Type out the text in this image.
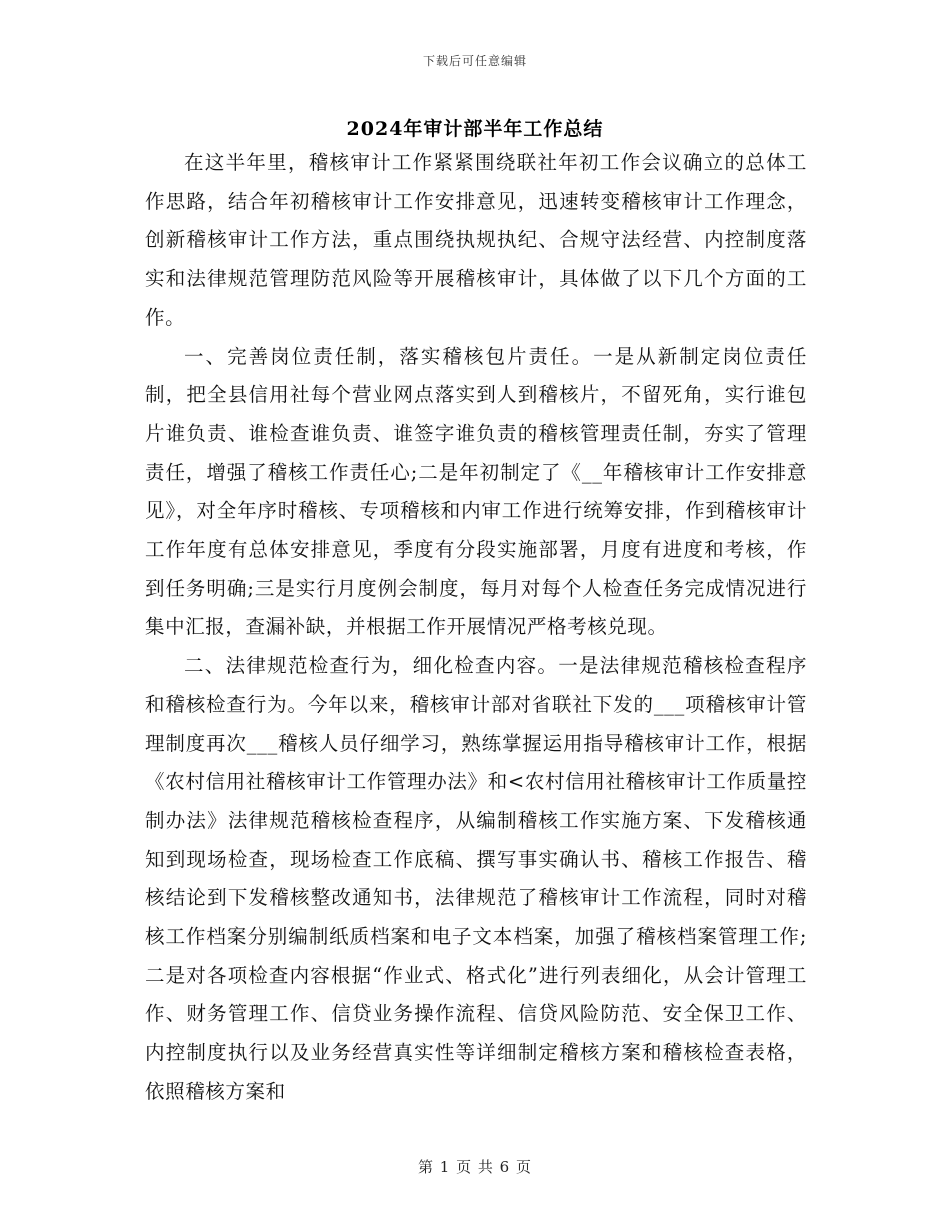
下载后可任意编辑
2024年审计部半年工作总结

在这半年里，稽核审计工作紧紧围绕联社年初工作会议确立的总体工作思路，结合年初稽核审计工作安排意见，迅速转变稽核审计工作理念，创新稽核审计工作方法，重点围绕执规执纪、合规守法经营、内控制度落实和法律规范管理防范风险等开展稽核审计，具体做了以下几个方面的工作。

一、完善岗位责任制，落实稽核包片责任。一是从新制定岗位责任制，把全县信用社每个营业网点落实到人到稽核片，不留死角，实行谁包片谁负责、谁检查谁负责、谁签字谁负责的稽核管理责任制，夯实了管理责任，增强了稽核工作责任心;二是年初制定了《__年稽核审计工作安排意见》，对全年序时稽核、专项稽核和内审工作进行统筹安排，作到稽核审计工作年度有总体安排意见，季度有分段实施部署，月度有进度和考核，作到任务明确;三是实行月度例会制度，每月对每个人检查任务完成情况进行集中汇报，查漏补缺，并根据工作开展情况严格考核兑现。

二、法律规范检查行为，细化检查内容。一是法律规范稽核检查程序和稽核检查行为。今年以来，稽核审计部对省联社下发的___项稽核审计管理制度再次___稽核人员仔细学习，熟练掌握运用指导稽核审计工作，根据《农村信用社稽核审计工作管理办法》和<农村信用社稽核审计工作质量控制办法》法律规范稽核检查程序，从编制稽核工作实施方案、下发稽核通知到现场检查，现场检查工作底稿、撰写事实确认书、稽核工作报告、稽核结论到下发稽核整改通知书，法律规范了稽核审计工作流程，同时对稽核工作档案分别编制纸质档案和电子文本档案，加强了稽核档案管理工作;二是对各项检查内容根据“作业式、格式化”进行列表细化，从会计管理工作、财务管理工作、信贷业务操作流程、信贷风险防范、安全保卫工作、内控制度执行以及业务经营真实性等详细制定稽核方案和稽核检查表格，依照稽核方案和

第 1 页 共 6 页
